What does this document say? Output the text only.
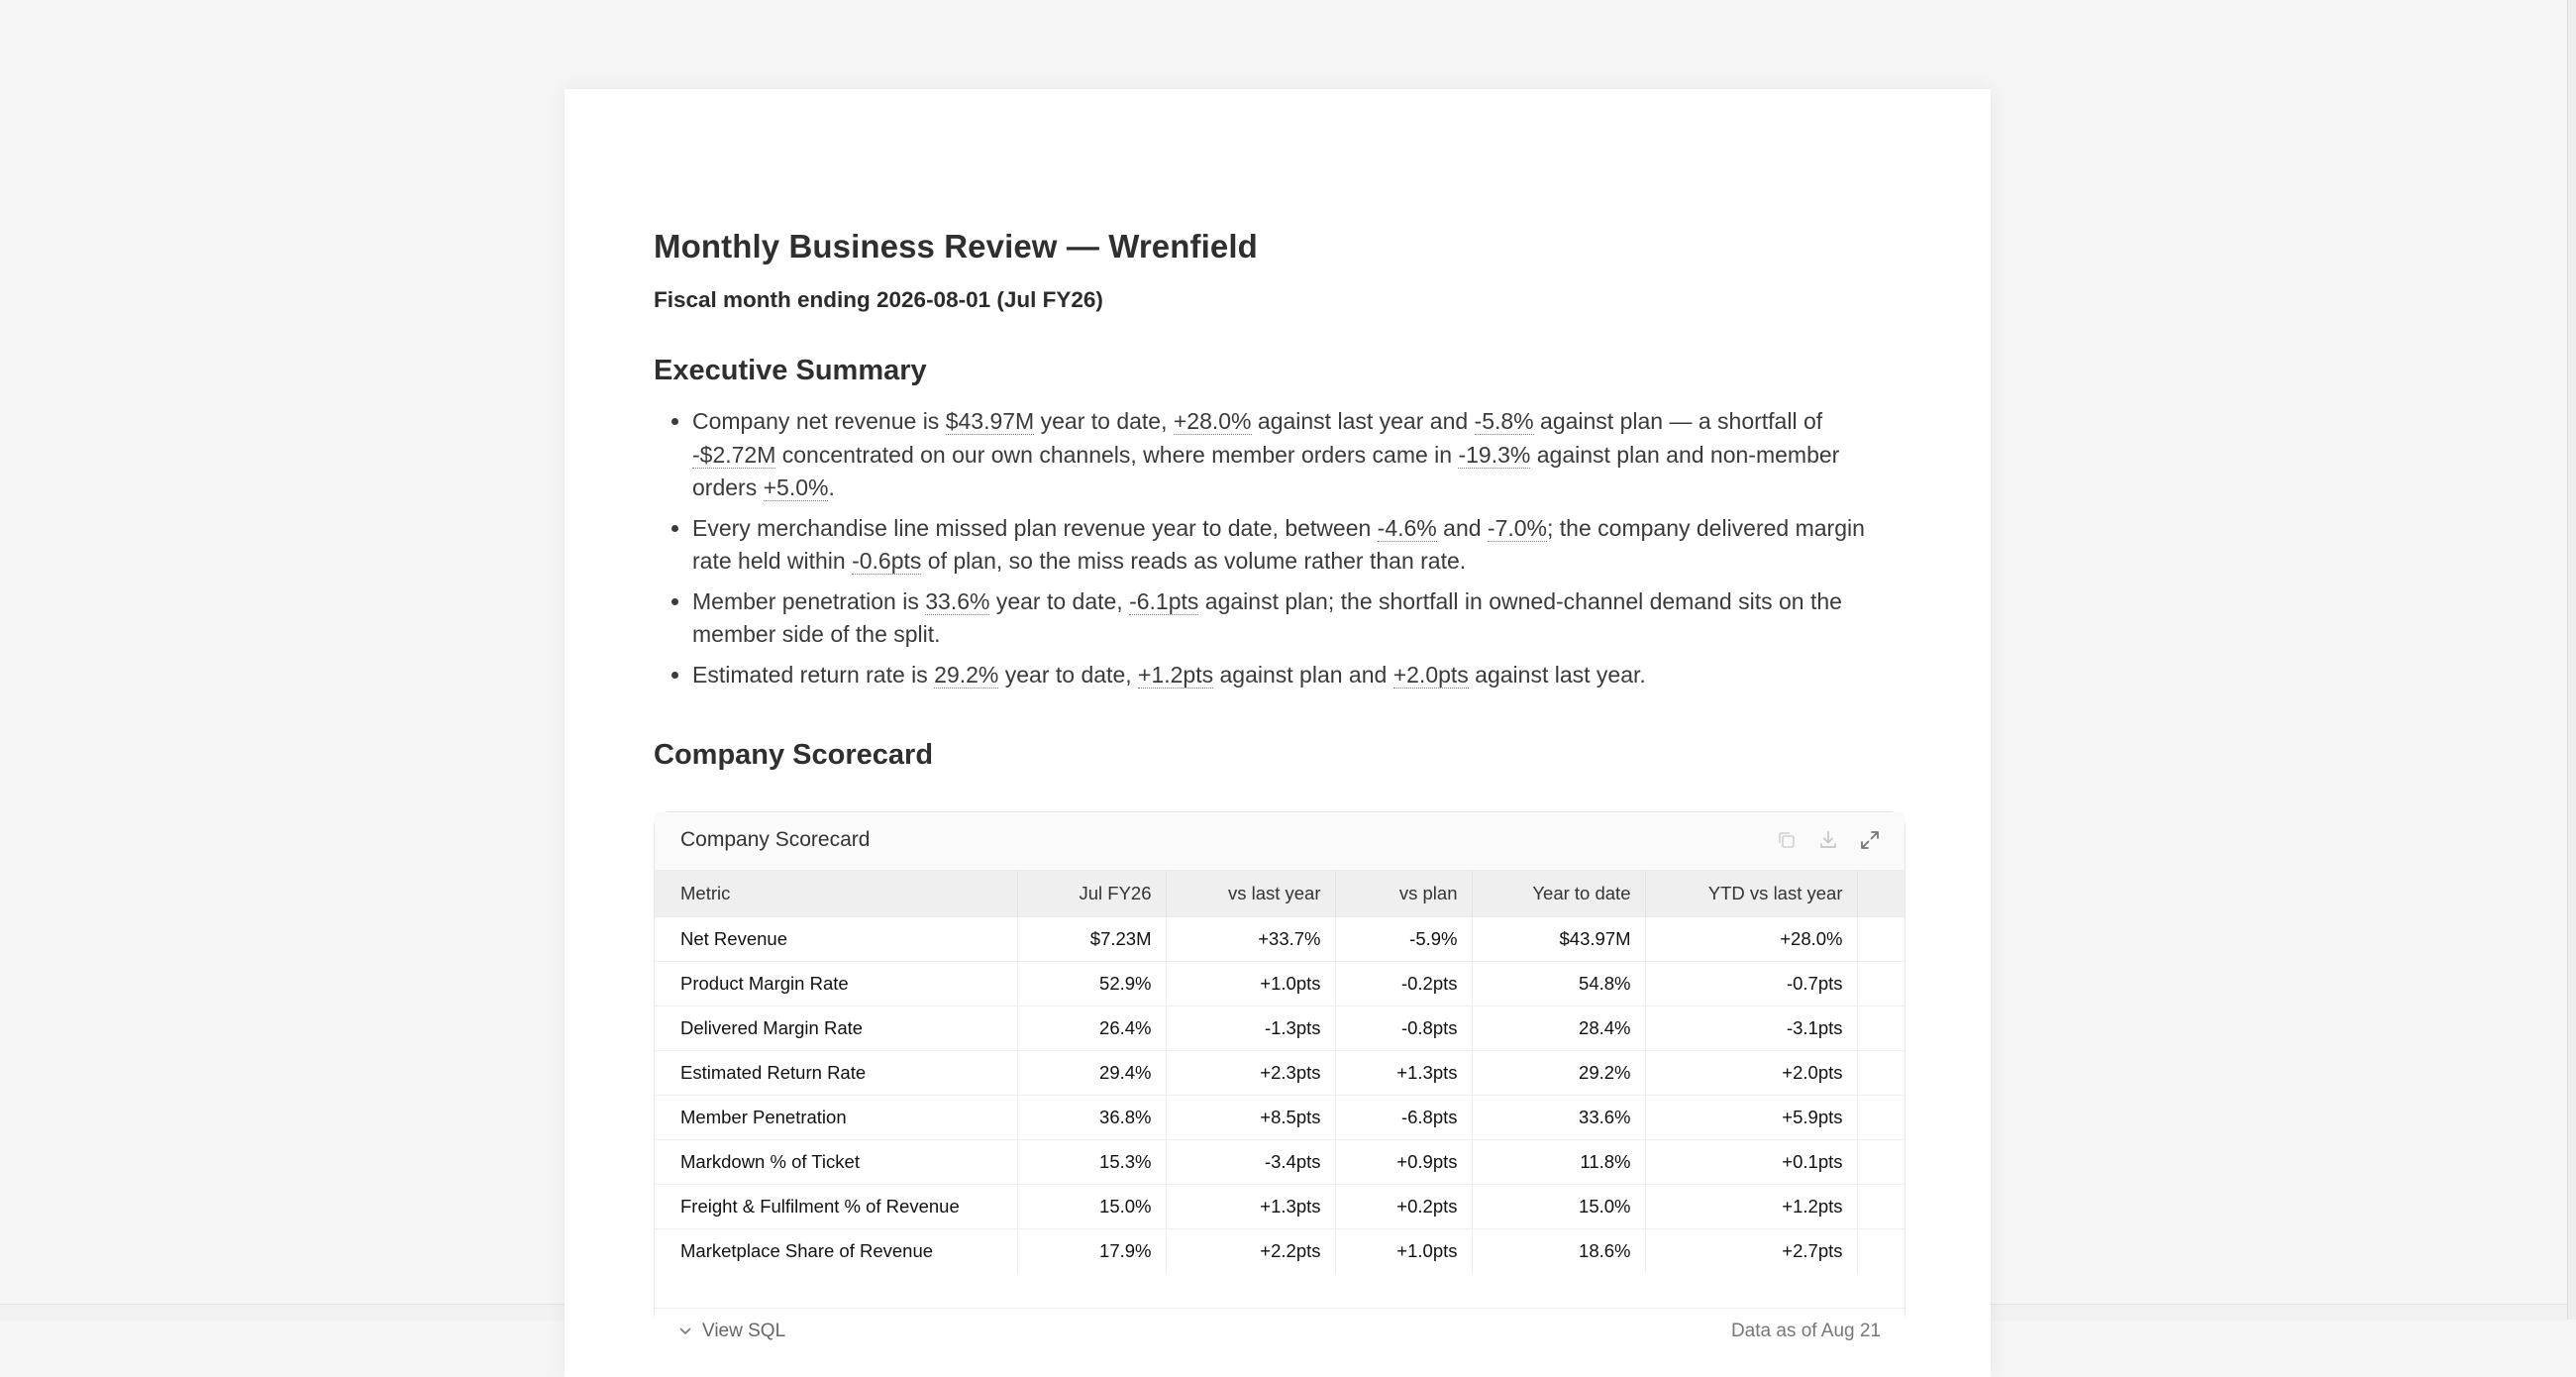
Monthly Business Review — Wrenfield
Fiscal month ending 2026-08-01 (Jul FY26)
Executive Summary
• Company net revenue is $43.97M year to date, +28.0% against last year and -5.8% against plan — a shortfall of -$2.72M concentrated on our own channels, where member orders came in -19.3% against plan and non-member orders +5.0%.
• Every merchandise line missed plan revenue year to date, between -4.6% and -7.0%; the company delivered margin rate held within -0.6pts of plan, so the miss reads as volume rather than rate.
• Member penetration is 33.6% year to date, -6.1pts against plan; the shortfall in owned-channel demand sits on the member side of the split.
• Estimated return rate is 29.2% year to date, +1.2pts against plan and +2.0pts against last year.
Company Scorecard
Company Scorecard
Metric	Jul FY26	vs last year	vs plan	Year to date	YTD vs last year	
Net Revenue	$7.23M	+33.7%	-5.9%	$43.97M	+28.0%	
Product Margin Rate	52.9%	+1.0pts	-0.2pts	54.8%	-0.7pts	
Delivered Margin Rate	26.4%	-1.3pts	-0.8pts	28.4%	-3.1pts	
Estimated Return Rate	29.4%	+2.3pts	+1.3pts	29.2%	+2.0pts	
Member Penetration	36.8%	+8.5pts	-6.8pts	33.6%	+5.9pts	
Markdown % of Ticket	15.3%	-3.4pts	+0.9pts	11.8%	+0.1pts	
Freight & Fulfilment % of Revenue	15.0%	+1.3pts	+0.2pts	15.0%	+1.2pts	
Marketplace Share of Revenue	17.9%	+2.2pts	+1.0pts	18.6%	+2.7pts	
View SQL	Data as of Aug 21
